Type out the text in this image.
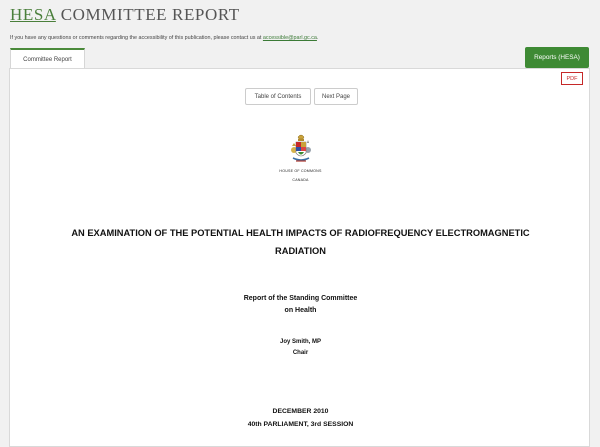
HESA COMMITTEE REPORT
If you have any questions or comments regarding the accessibility of this publication, please contact us at accessible@parl.gc.ca.
Committee Report	Reports (HESA)
PDF
Table of Contents	Next Page
HOUSE OF COMMONS
CANADA
AN EXAMINATION OF THE POTENTIAL HEALTH IMPACTS OF RADIOFREQUENCY ELECTROMAGNETIC
RADIATION
Report of the Standing Committee
on Health
Joy Smith, MP
Chair
DECEMBER 2010
40th PARLIAMENT, 3rd SESSION
